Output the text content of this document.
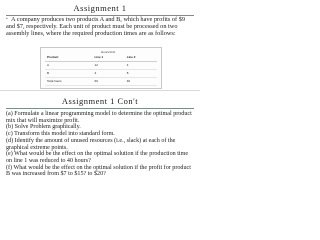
Assignment 1
▪ A company produces two products A and B, which have profits of $9 and $7, respectively. Each unit of product must be processed on two assembly lines, where the required production times are as follows:
Hours/Unit
Product	Line 1	Line 2
A	12	4
B	4	8
Total hours	60	40
Assignment 1 Con't

(a) Formulate a linear programming model to determine the optimal product mix that will maximize profit.

(b) Solve Problem graphically.

(c) Transform this model into standard form.

(d) Identify the amount of unused resources (i.e., slack) at each of the graphical extreme points.

(e) What would be the effect on the optimal solution if the production time on line 1 was reduced to 40 hours?

(f) What would be the effect on the optimal solution if the profit for product B was increased from $7 to $15? to $20?
